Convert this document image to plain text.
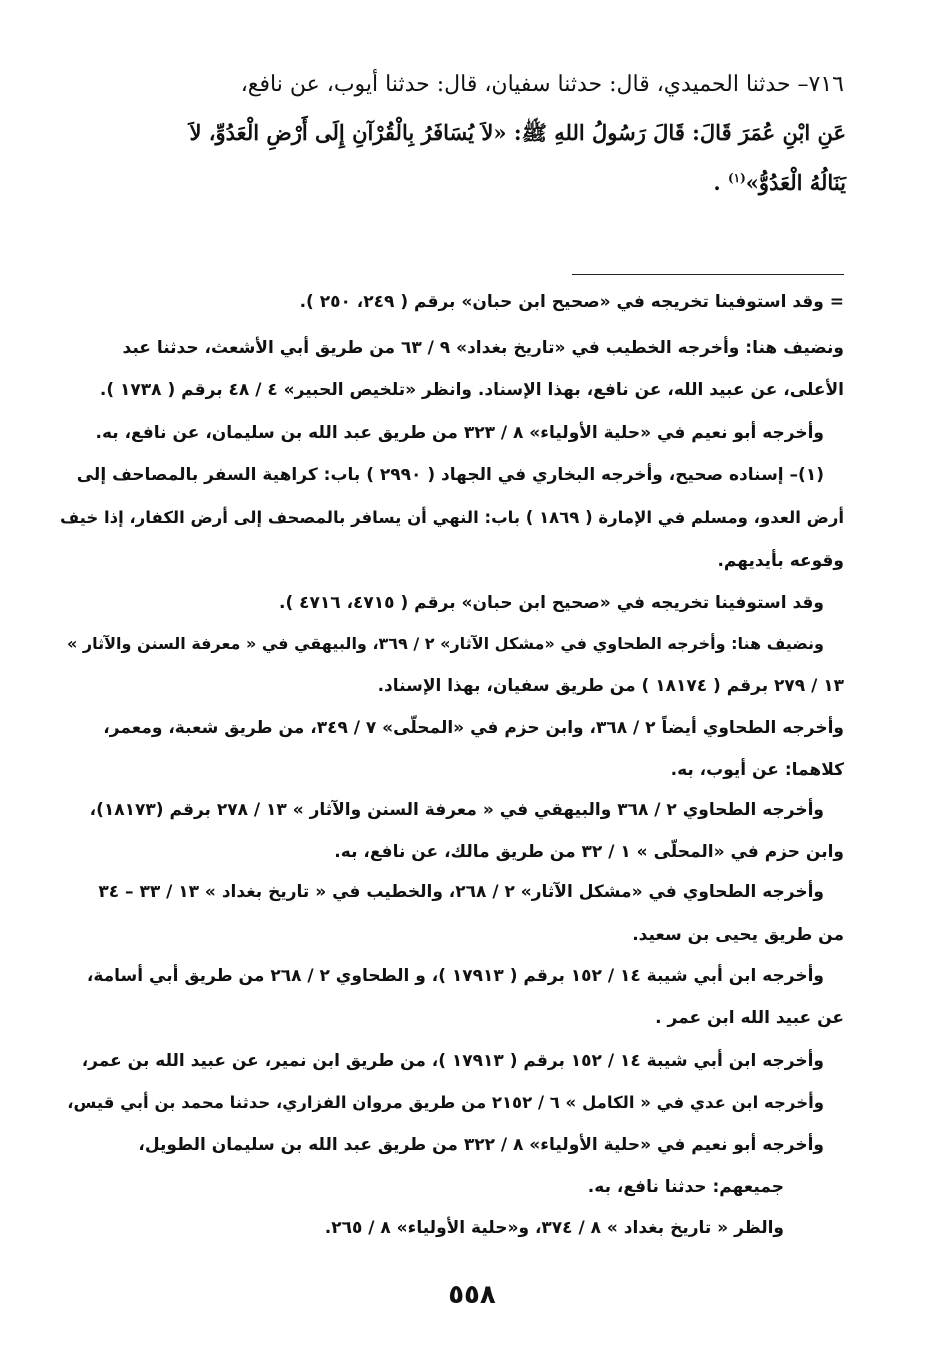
٧١٦– حدثنا الحميدي، قال: حدثنا سفيان، قال: حدثنا أيوب، عن نافع،
عَنِ ابْنِ عُمَرَ قَالَ: قَالَ رَسُولُ اللهِ ﷺ: «لاَ يُسَافَرُ بِالْقُرْآنِ إِلَى أَرْضِ الْعَدُوِّ، لاَ
يَنَالُهُ الْعَدُوُّ»$^{(١)}$ .
= وقد استوفينا تخريجه في «صحيح ابن حبان» برقم ( ٢٤٩، ٢٥٠ ).
ونضيف هنا: وأخرجه الخطيب في «تاريخ بغداد» ٩ / ٦٣ من طريق أبي الأشعث، حدثنا عبد
الأعلى، عن عبيد الله، عن نافع، بهذا الإسناد. وانظر «تلخيص الحبير» ٤ / ٤٨ برقم ( ١٧٣٨ ).
وأخرجه أبو نعيم في «حلية الأولياء» ٨ / ٣٢٣ من طريق عبد الله بن سليمان، عن نافع، به.
(١)– إسناده صحيح، وأخرجه البخاري في الجهاد ( ٢٩٩٠ ) باب: كراهية السفر بالمصاحف إلى
أرض العدو، ومسلم في الإمارة ( ١٨٦٩ ) باب: النهي أن يسافر بالمصحف إلى أرض الكفار، إذا خيف
وقوعه بأيديهم.
وقد استوفينا تخريجه في «صحيح ابن حبان» برقم ( ٤٧١٥، ٤٧١٦ ).
ونضيف هنا: وأخرجه الطحاوي في «مشكل الآثار» ٢ / ٣٦٩، والبيهقي في « معرفة السنن والآثار »
١٣ / ٢٧٩ برقم ( ١٨١٧٤ ) من طريق سفيان، بهذا الإسناد.
وأخرجه الطحاوي أيضاً ٢ / ٣٦٨، وابن حزم في «المحلّى» ٧ / ٣٤٩، من طريق شعبة، ومعمر،
كلاهما: عن أيوب، به.
وأخرجه الطحاوي ٢ / ٣٦٨ والبيهقي في « معرفة السنن والآثار » ١٣ / ٢٧٨ برقم (١٨١٧٣)،
وابن حزم في «المحلّى » ١ / ٣٢ من طريق مالك، عن نافع، به.
وأخرجه الطحاوي في «مشكل الآثار» ٢ / ٢٦٨، والخطيب في « تاريخ بغداد » ١٣ / ٣٣ – ٣٤
من طريق يحيى بن سعيد.
وأخرجه ابن أبي شيبة ١٤ / ١٥٢ برقم ( ١٧٩١٣ )، و الطحاوي ٢ / ٢٦٨ من طريق أبي أسامة،
عن عبيد الله ابن عمر .
وأخرجه ابن أبي شيبة ١٤ / ١٥٢ برقم ( ١٧٩١٣ )، من طريق ابن نمير، عن عبيد الله بن عمر،
وأخرجه ابن عدي في « الكامل » ٦ / ٢١٥٢ من طريق مروان الفزاري، حدثنا محمد بن أبي قيس،
وأخرجه أبو نعيم في «حلية الأولياء» ٨ / ٣٢٢ من طريق عبد الله بن سليمان الطويل،
جميعهم: حدثنا نافع، به.
والظر « تاريخ بغداد » ٨ / ٣٧٤، و«حلية الأولياء» ٨ / ٢٦٥.
٥٥٨
